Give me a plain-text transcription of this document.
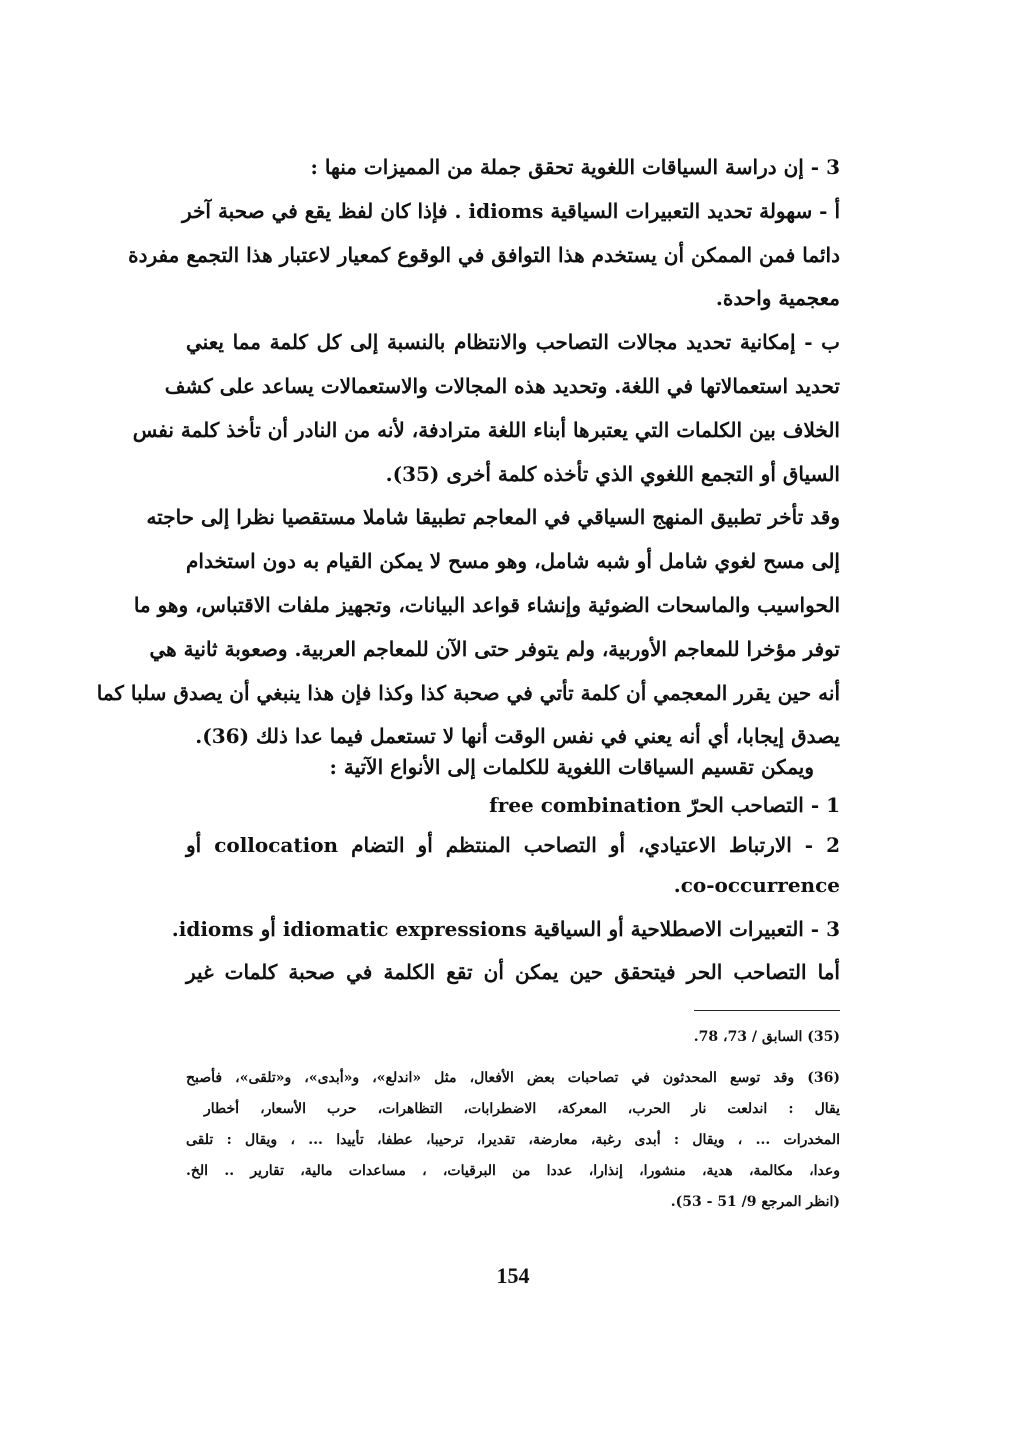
3 - إن دراسة السياقات اللغوية تحقق جملة من المميزات منها :
أ - سهولة تحديد التعبيرات السياقية idioms . فإذا كان لفظ يقع في صحبة آخر
دائما فمن الممكن أن يستخدم هذا التوافق في الوقوع كمعيار لاعتبار هذا التجمع مفردة
معجمية واحدة.
ب - إمكانية تحديد مجالات التصاحب والانتظام بالنسبة إلى كل كلمة مما يعني
تحديد استعمالاتها في اللغة. وتحديد هذه المجالات والاستعمالات يساعد على كشف
الخلاف بين الكلمات التي يعتبرها أبناء اللغة مترادفة، لأنه من النادر أن تأخذ كلمة نفس
السياق أو التجمع اللغوي الذي تأخذه كلمة أخرى (35).
وقد تأخر تطبيق المنهج السياقي في المعاجم تطبيقا شاملا مستقصيا نظرا إلى حاجته
إلى مسح لغوي شامل أو شبه شامل، وهو مسح لا يمكن القيام به دون استخدام
الحواسيب والماسحات الضوئية وإنشاء قواعد البيانات، وتجهيز ملفات الاقتباس، وهو ما
توفر مؤخرا للمعاجم الأوربية، ولم يتوفر حتى الآن للمعاجم العربية. وصعوبة ثانية هي
أنه حين يقرر المعجمي أن كلمة تأتي في صحبة كذا وكذا فإن هذا ينبغي أن يصدق سلبا كما
يصدق إيجابا، أي أنه يعني في نفس الوقت أنها لا تستعمل فيما عدا ذلك (36).
ويمكن تقسيم السياقات اللغوية للكلمات إلى الأنواع الآتية :
1 - التصاحب الحرّ free combination
2 - الارتباط الاعتيادي، أو التصاحب المنتظم أو التضام collocation أو
.co-occurrence
3 - التعبيرات الاصطلاحية أو السياقية idiomatic expressions أو idioms.
أما التصاحب الحر فيتحقق حين يمكن أن تقع الكلمة في صحبة كلمات غير
(35) السابق / 73، 78.
(36) وقد توسع المحدثون في تصاحبات بعض الأفعال، مثل «اندلع»، و«أبدى»، و«تلقى»، فأصبح
يقال : اندلعت نار الحرب، المعركة، الاضطرابات، التظاهرات، حرب الأسعار، أخطار
المخدرات ... ، ويقال : أبدى رغبة، معارضة، تقديرا، ترحيبا، عطفا، تأييدا ... ، ويقال : تلقى
وعدا، مكالمة، هدية، منشورا، إنذارا، عددا من البرقيات، ، مساعدات مالية، تقارير .. الخ.
(انظر المرجع 9/ 51 - 53).
154
